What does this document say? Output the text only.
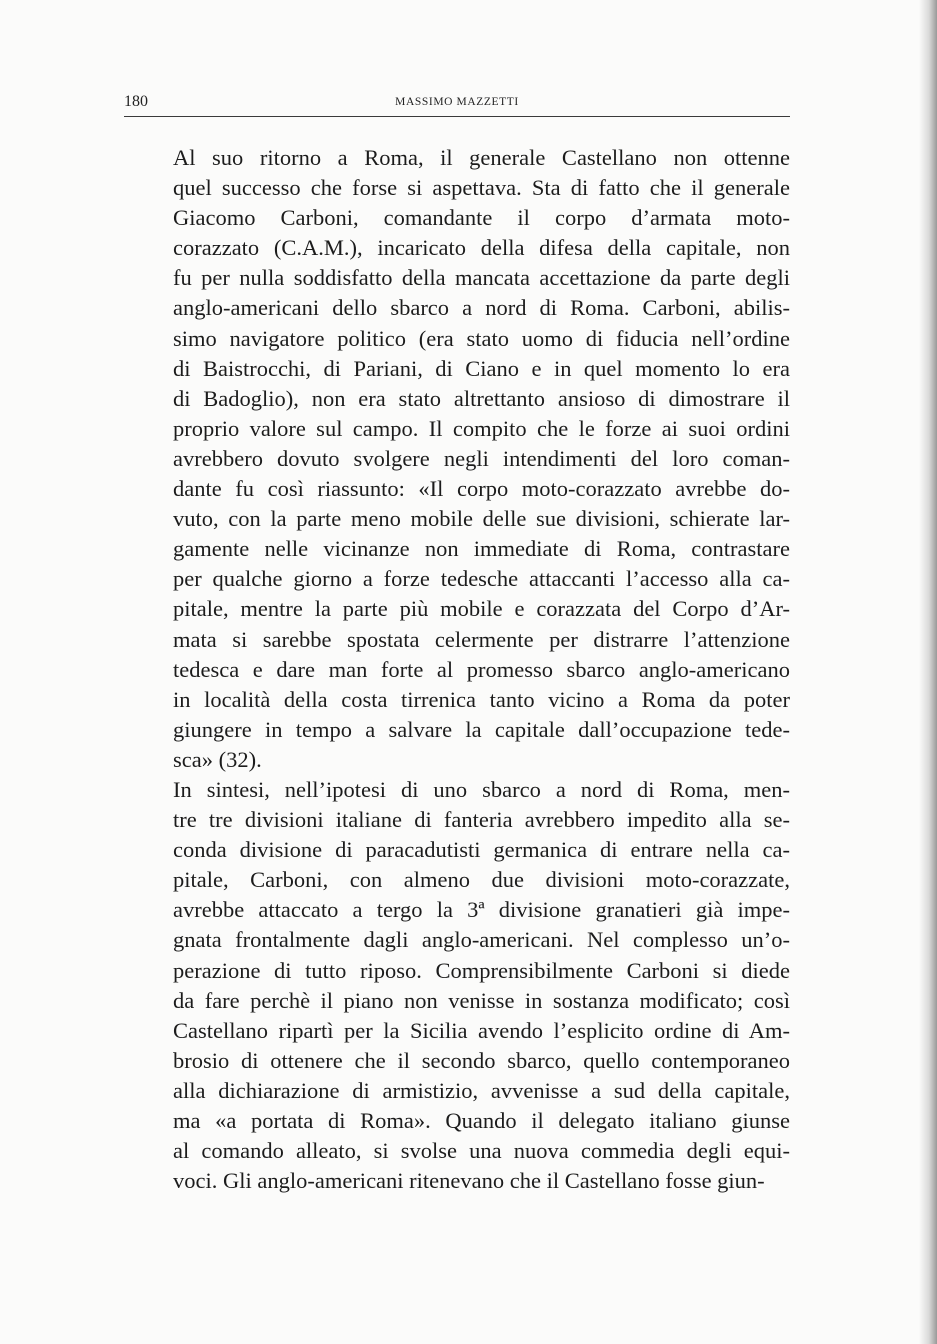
180	MASSIMO MAZZETTI

Al suo ritorno a Roma, il generale Castellano non ottenne
quel successo che forse si aspettava. Sta di fatto che il generale
Giacomo Carboni, comandante il corpo d’armata moto-
corazzato (C.A.M.), incaricato della difesa della capitale, non
fu per nulla soddisfatto della mancata accettazione da parte degli
anglo-americani dello sbarco a nord di Roma. Carboni, abilis-
simo navigatore politico (era stato uomo di fiducia nell’ordine
di Baistrocchi, di Pariani, di Ciano e in quel momento lo era
di Badoglio), non era stato altrettanto ansioso di dimostrare il
proprio valore sul campo. Il compito che le forze ai suoi ordini
avrebbero dovuto svolgere negli intendimenti del loro coman-
dante fu così riassunto: «Il corpo moto-corazzato avrebbe do-
vuto, con la parte meno mobile delle sue divisioni, schierate lar-
gamente nelle vicinanze non immediate di Roma, contrastare
per qualche giorno a forze tedesche attaccanti l’accesso alla ca-
pitale, mentre la parte più mobile e corazzata del Corpo d’Ar-
mata si sarebbe spostata celermente per distrarre l’attenzione
tedesca e dare man forte al promesso sbarco anglo-americano
in località della costa tirrenica tanto vicino a Roma da poter
giungere in tempo a salvare la capitale dall’occupazione tede-
sca» (32).

In sintesi, nell’ipotesi di uno sbarco a nord di Roma, men-
tre tre divisioni italiane di fanteria avrebbero impedito alla se-
conda divisione di paracadutisti germanica di entrare nella ca-
pitale, Carboni, con almeno due divisioni moto-corazzate,
avrebbe attaccato a tergo la 3ª divisione granatieri già impe-
gnata frontalmente dagli anglo-americani. Nel complesso un’o-
perazione di tutto riposo. Comprensibilmente Carboni si diede
da fare perchè il piano non venisse in sostanza modificato; così
Castellano ripartì per la Sicilia avendo l’esplicito ordine di Am-
brosio di ottenere che il secondo sbarco, quello contemporaneo
alla dichiarazione di armistizio, avvenisse a sud della capitale,
ma «a portata di Roma». Quando il delegato italiano giunse
al comando alleato, si svolse una nuova commedia degli equi-
voci. Gli anglo-americani ritenevano che il Castellano fosse giun-
